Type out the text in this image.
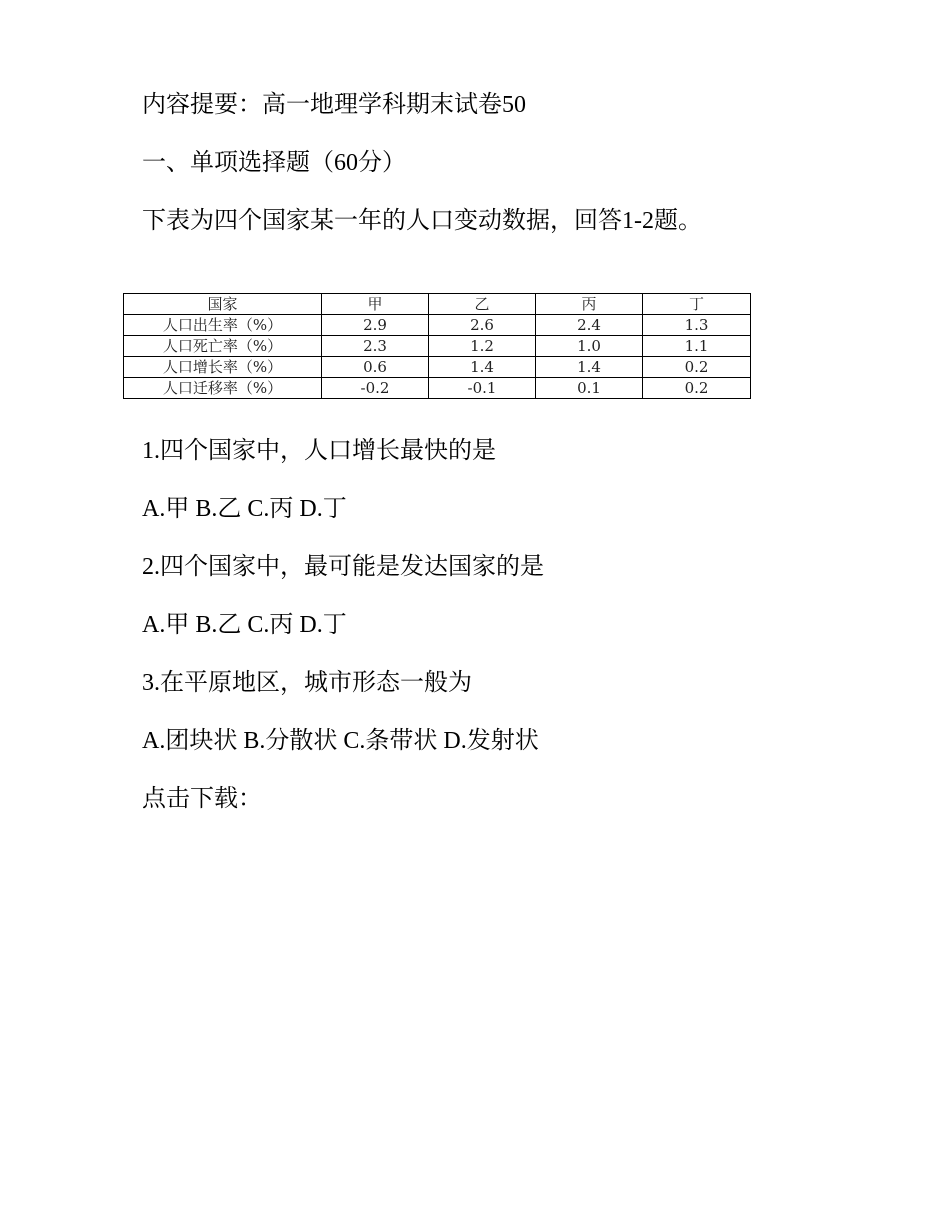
内容提要：高一地理学科期末试卷50
一、单项选择题（60分）
下表为四个国家某一年的人口变动数据，回答1-2题。
国家	甲	乙	丙	丁
人口出生率（%）	2.9	2.6	2.4	1.3
人口死亡率（%）	2.3	1.2	1.0	1.1
人口增长率（%）	0.6	1.4	1.4	0.2
人口迁移率（%）	-0.2	-0.1	0.1	0.2
1.四个国家中，人口增长最快的是
A.甲 B.乙 C.丙 D.丁
2.四个国家中，最可能是发达国家的是
A.甲 B.乙 C.丙 D.丁
3.在平原地区，城市形态一般为
A.团块状 B.分散状 C.条带状 D.发射状
点击下载：
